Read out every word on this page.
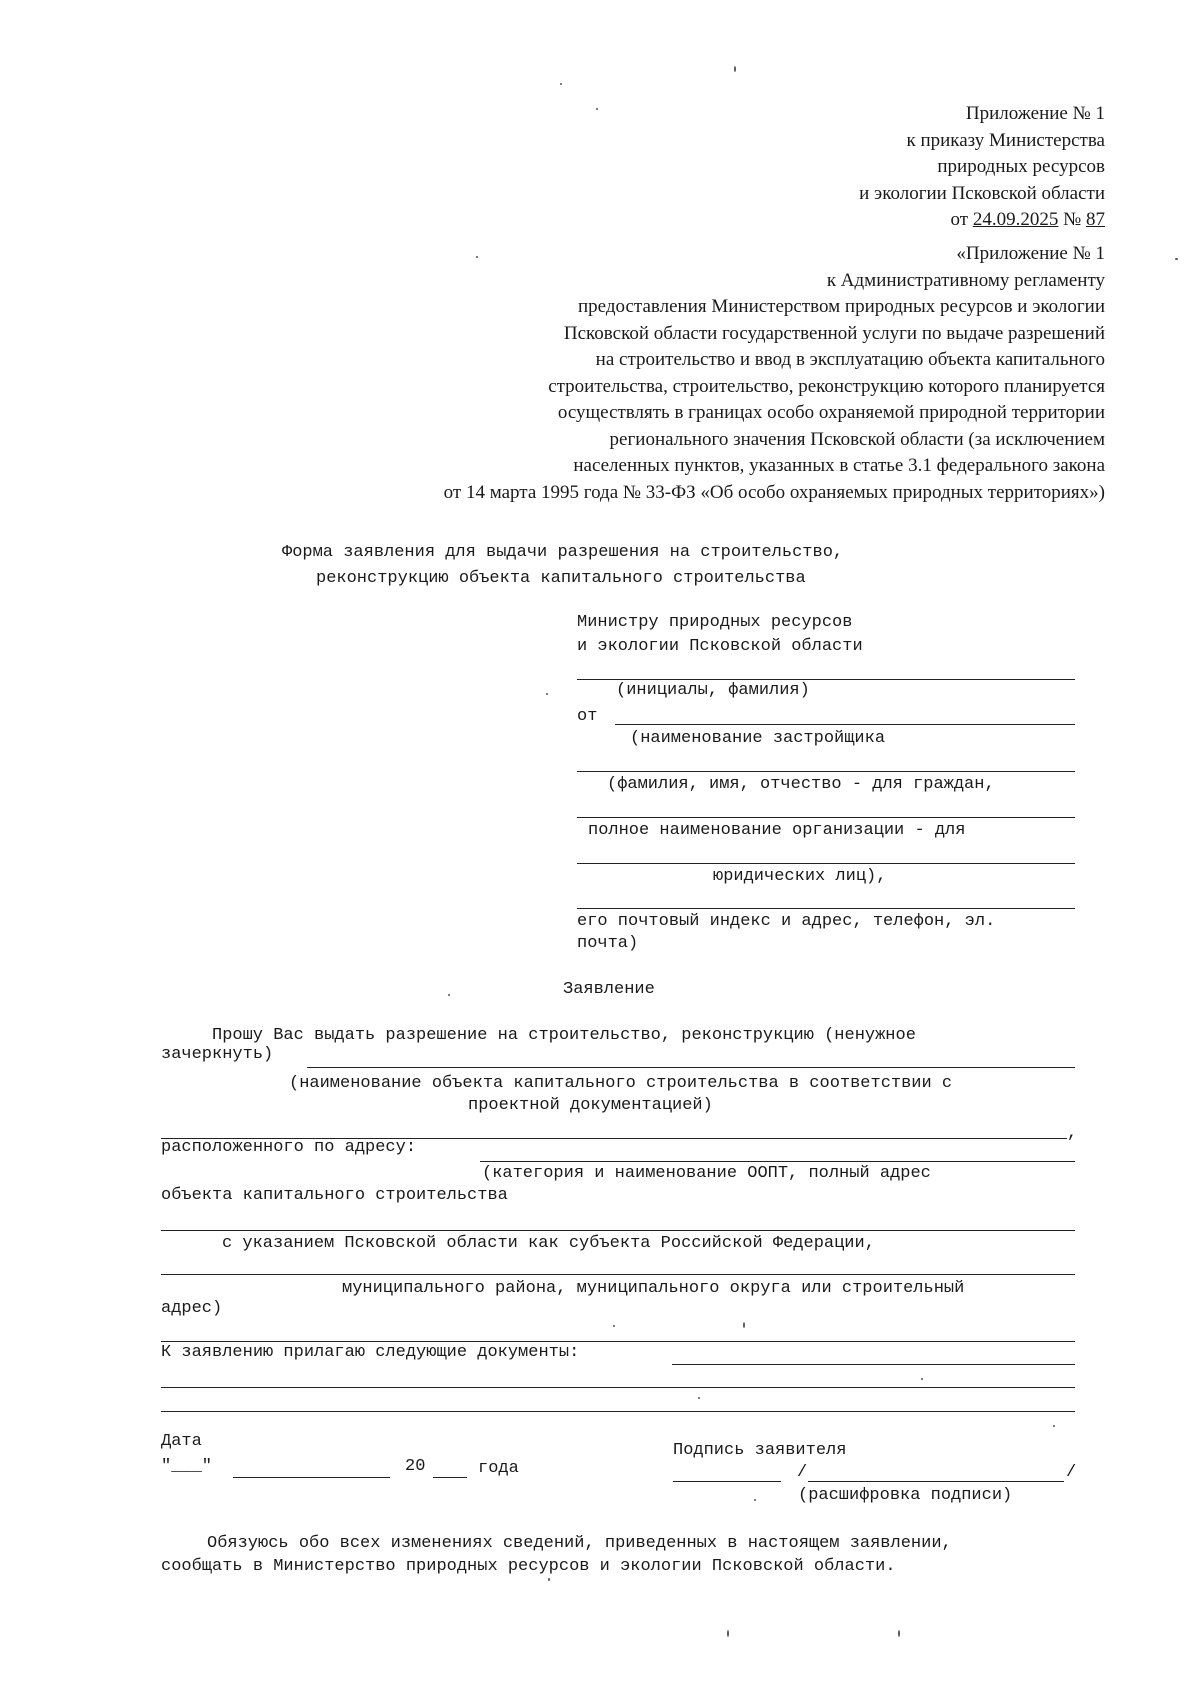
Приложение № 1
к приказу Министерства
природных ресурсов
и экологии Псковской области
от 24.09.2025 № 87
«Приложение № 1
к Административному регламенту
предоставления Министерством природных ресурсов и экологии
Псковской области государственной услуги по выдаче разрешений
на строительство и ввод в эксплуатацию объекта капитального
строительства, строительство, реконструкцию которого планируется
осуществлять в границах особо охраняемой природной территории
регионального значения Псковской области (за исключением
населенных пунктов, указанных в статье 3.1 федерального закона
от 14 марта 1995 года № 33-ФЗ «Об особо охраняемых природных территориях»)
Форма заявления для выдачи разрешения на строительство,
реконструкцию объекта капитального строительства
Министру природных ресурсов
и экологии Псковской области
(инициалы, фамилия)
от
(наименование застройщика
(фамилия, имя, отчество - для граждан,
полное наименование организации - для
юридических лиц),
его почтовый индекс и адрес, телефон, эл.
почта)
Заявление
Прошу Вас выдать разрешение на строительство, реконструкцию (ненужное
зачеркнуть)
(наименование объекта капитального строительства в соответствии с
проектной документацией)
,
расположенного по адресу:
(категория и наименование ООПТ, полный адрес
объекта капитального строительства
с указанием Псковской области как субъекта Российской Федерации,
муниципального района, муниципального округа или строительный
адрес)
К заявлению прилагаю следующие документы:
Дата
"___"	20	года
Подпись заявителя
/	/
(расшифровка подписи)
Обязуюсь обо всех изменениях сведений, приведенных в настоящем заявлении,
сообщать в Министерство природных ресурсов и экологии Псковской области.
